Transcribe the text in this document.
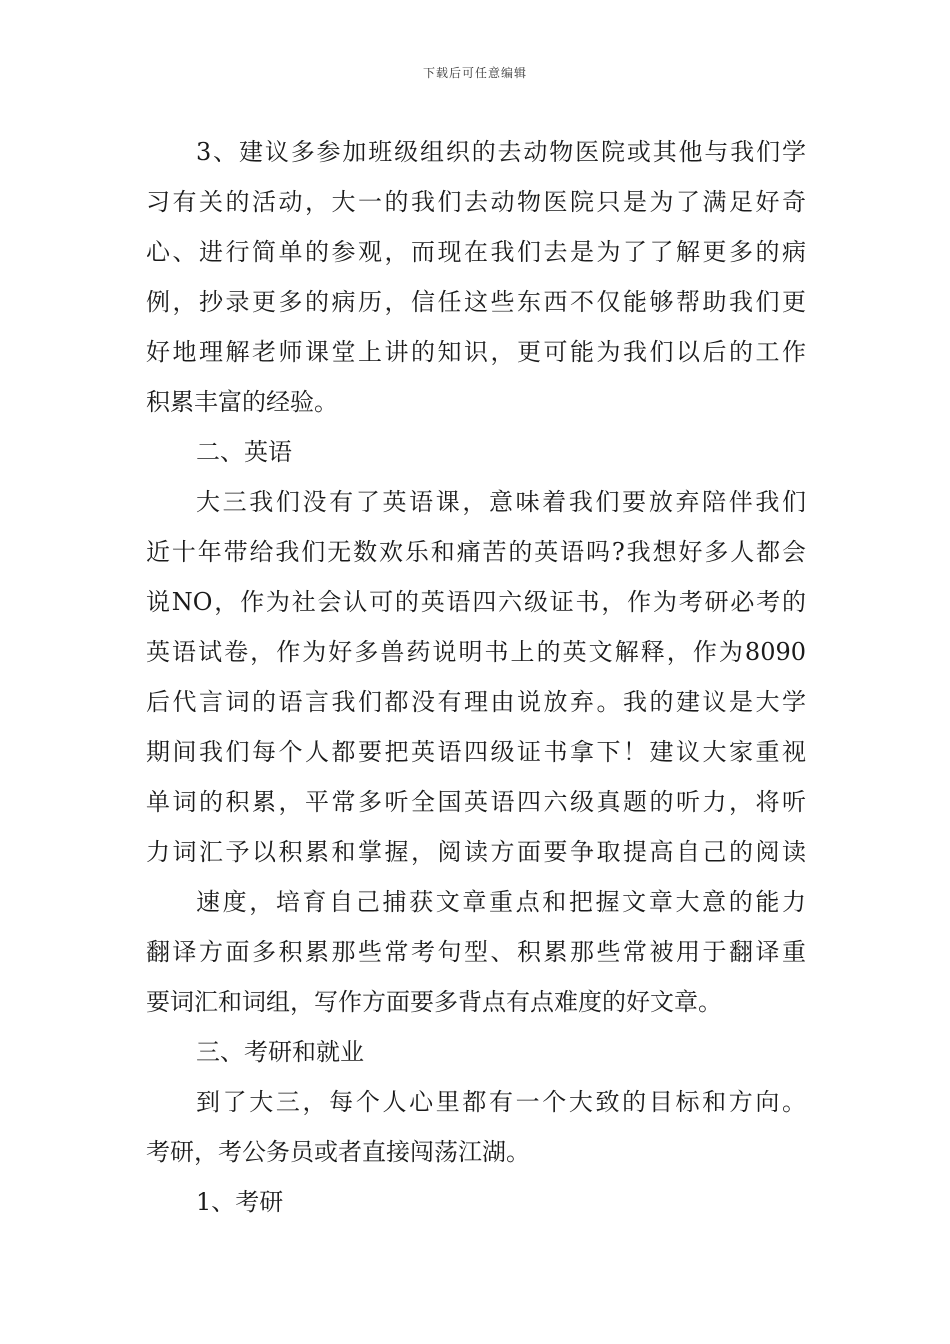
下载后可任意编辑
3、建议多参加班级组织的去动物医院或其他与我们学
习有关的活动，大一的我们去动物医院只是为了满足好奇
心、进行简单的参观，而现在我们去是为了了解更多的病
例，抄录更多的病历，信任这些东西不仅能够帮助我们更
好地理解老师课堂上讲的知识，更可能为我们以后的工作
积累丰富的经验。
二、英语
大三我们没有了英语课，意味着我们要放弃陪伴我们
近十年带给我们无数欢乐和痛苦的英语吗?我想好多人都会
说NO，作为社会认可的英语四六级证书，作为考研必考的
英语试卷，作为好多兽药说明书上的英文解释，作为8090
后代言词的语言我们都没有理由说放弃。我的建议是大学
期间我们每个人都要把英语四级证书拿下！建议大家重视
单词的积累，平常多听全国英语四六级真题的听力，将听
力词汇予以积累和掌握，阅读方面要争取提高自己的阅读
速度，培育自己捕获文章重点和把握文章大意的能力
翻译方面多积累那些常考句型、积累那些常被用于翻译重
要词汇和词组，写作方面要多背点有点难度的好文章。
三、考研和就业
到了大三，每个人心里都有一个大致的目标和方向。
考研，考公务员或者直接闯荡江湖。
1、考研
